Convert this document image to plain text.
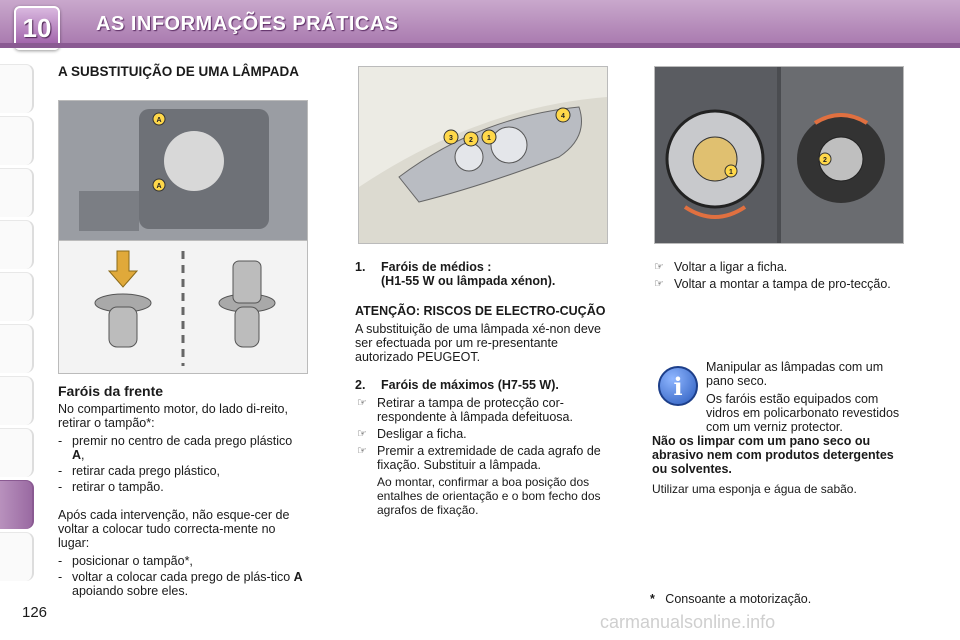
10	AS INFORMAÇÕES PRÁTICAS
A SUBSTITUIÇÃO DE UMA LÂMPADA
A
A

Faróis da frente

No compartimento motor, do lado di-reito, retirar o tampão*:

- premir no centro de cada prego plástico A,
- retirar cada prego plástico,
- retirar o tampão.

Após cada intervenção, não esque-cer de voltar a colocar tudo correcta-mente no lugar:

- posicionar o tampão*,
- voltar a colocar cada prego de plás-tico A apoiando sobre eles.
1
2
3
4
1. Faróis de médios :
(H1-55 W ou lâmpada xénon).

ATENÇÃO: RISCOS DE ELECTRO-CUÇÃO

A substituição de uma lâmpada xé-non deve ser efectuada por um re-presentante autorizado PEUGEOT.

2. Faróis de máximos (H7-55 W).
☞ Retirar a tampa de protecção cor-respondente à lâmpada defeituosa.
☞ Desligar a ficha.
☞ Premir a extremidade de cada agrafo de fixação. Substituir a lâmpada.

Ao montar, confirmar a boa posição dos entalhes de orientação e o bom fecho dos agrafos de fixação.

1
2
☞ Voltar a ligar a ficha.
☞ Voltar a montar a tampa de pro-tecção.
i

Manipular as lâmpadas com um pano seco.

Os faróis estão equipados com vidros em policarbonato revestidos com um verniz protector.

Não os limpar com um pano seco ou abrasivo nem com produtos detergentes ou solventes.

Utilizar uma esponja e água de sabão.

* Consoante a motorização.
126	carmanualsonline.info
